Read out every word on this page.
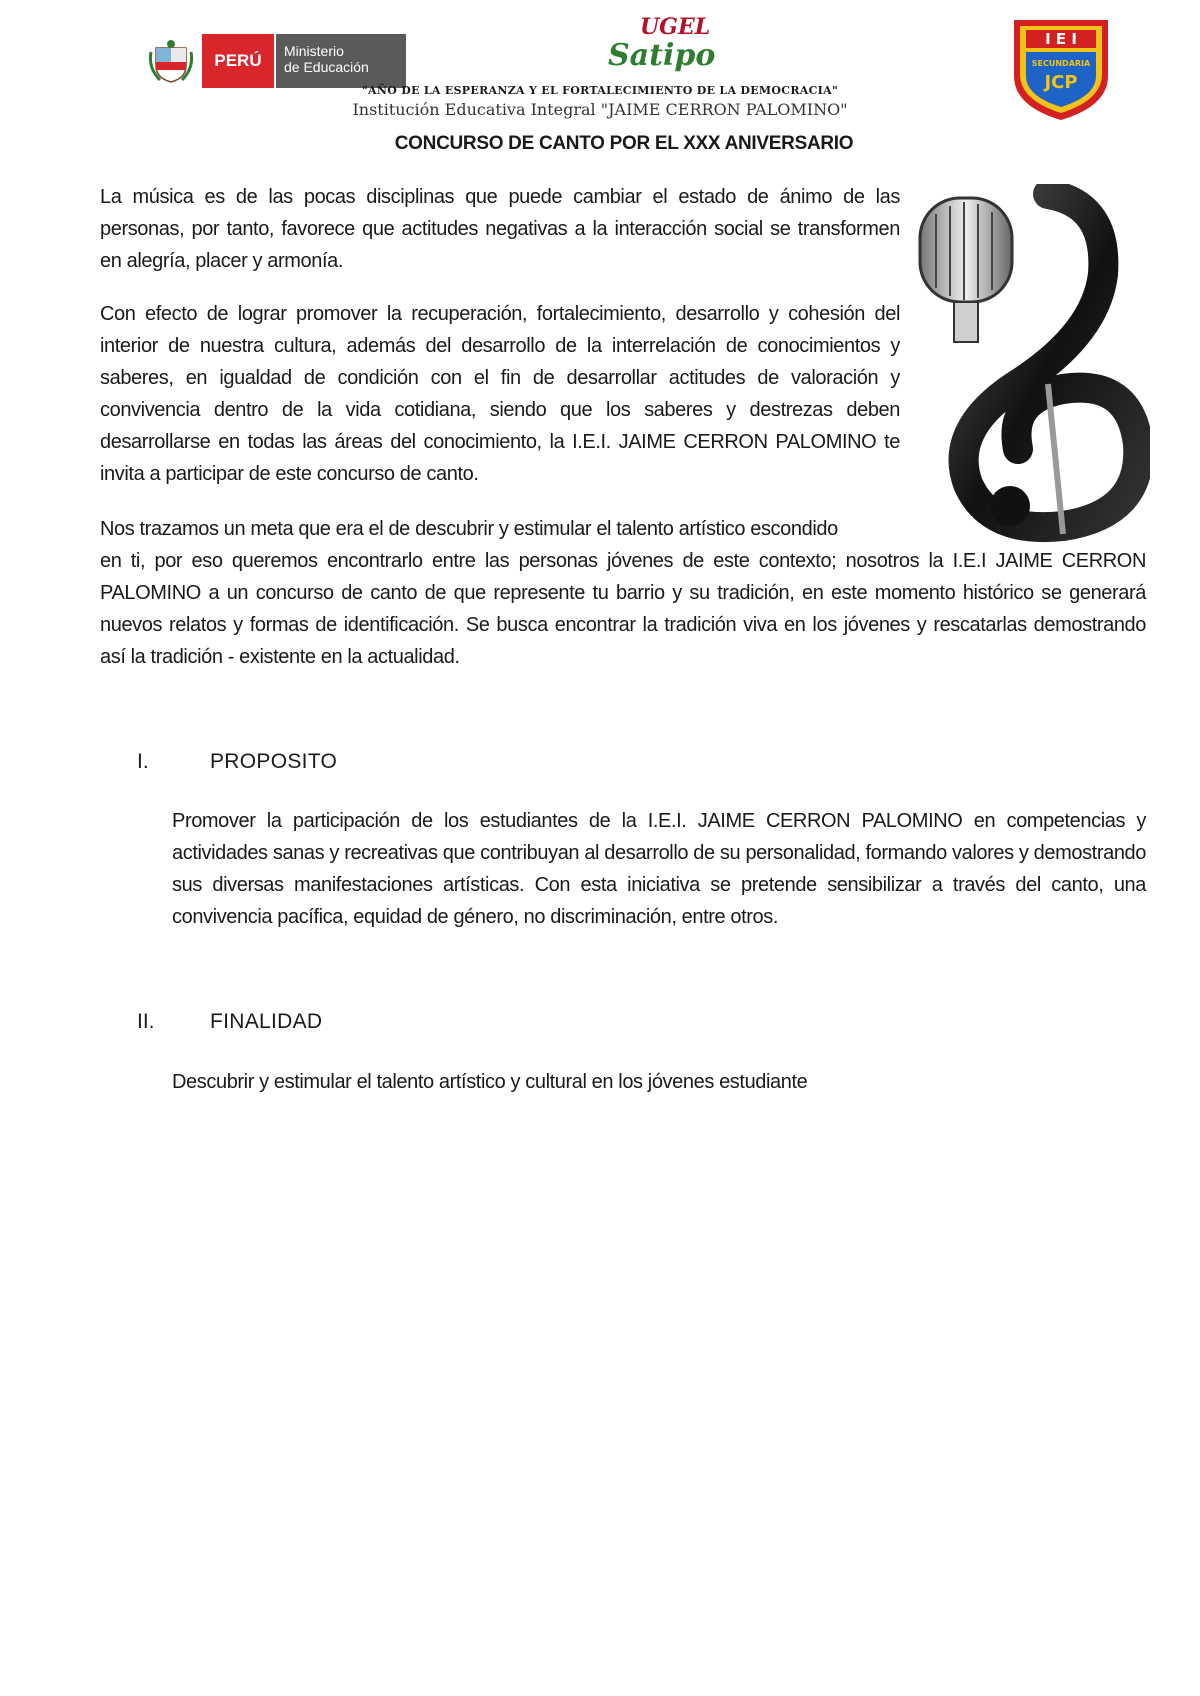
PERÚ	Ministerio
de Educación
UGEL
Satipo
"AÑO DE LA ESPERANZA Y EL FORTALECIMIENTO DE LA DEMOCRACIA"
Institución Educativa Integral "JAIME CERRON PALOMINO"
I E I
SECUNDARIA
JCP
CONCURSO DE CANTO POR EL XXX ANIVERSARIO
La música es de las pocas disciplinas que puede cambiar el estado de ánimo de las personas, por tanto, favorece que actitudes negativas a la interacción social se transformen en alegría, placer y armonía.
Con efecto de lograr promover la recuperación, fortalecimiento, desarrollo y cohesión del interior de nuestra cultura, además del desarrollo de la interrelación de conocimientos y saberes, en igualdad de condición con el fin de desarrollar actitudes de valoración y convivencia dentro de la vida cotidiana, siendo que los saberes y destrezas deben desarrollarse en todas las áreas del conocimiento, la I.E.I. JAIME CERRON PALOMINO te invita a participar de este concurso de canto.
Nos trazamos un meta que era el de descubrir y estimular el talento artístico escondido
en ti, por eso queremos encontrarlo entre las personas jóvenes de este contexto; nosotros la I.E.I JAIME CERRON PALOMINO a un concurso de canto de que represente tu barrio y su tradición, en este momento histórico se generará nuevos relatos y formas de identificación. Se busca encontrar la tradición viva en los jóvenes y rescatarlas demostrando así la tradición - existente en la actualidad.
I.	PROPOSITO
Promover la participación de los estudiantes de la I.E.I. JAIME CERRON PALOMINO en competencias y actividades sanas y recreativas que contribuyan al desarrollo de su personalidad, formando valores y demostrando sus diversas manifestaciones artísticas. Con esta iniciativa se pretende sensibilizar a través del canto, una convivencia pacífica, equidad de género, no discriminación, entre otros.
II.	FINALIDAD
Descubrir y estimular el talento artístico y cultural en los jóvenes estudiante
